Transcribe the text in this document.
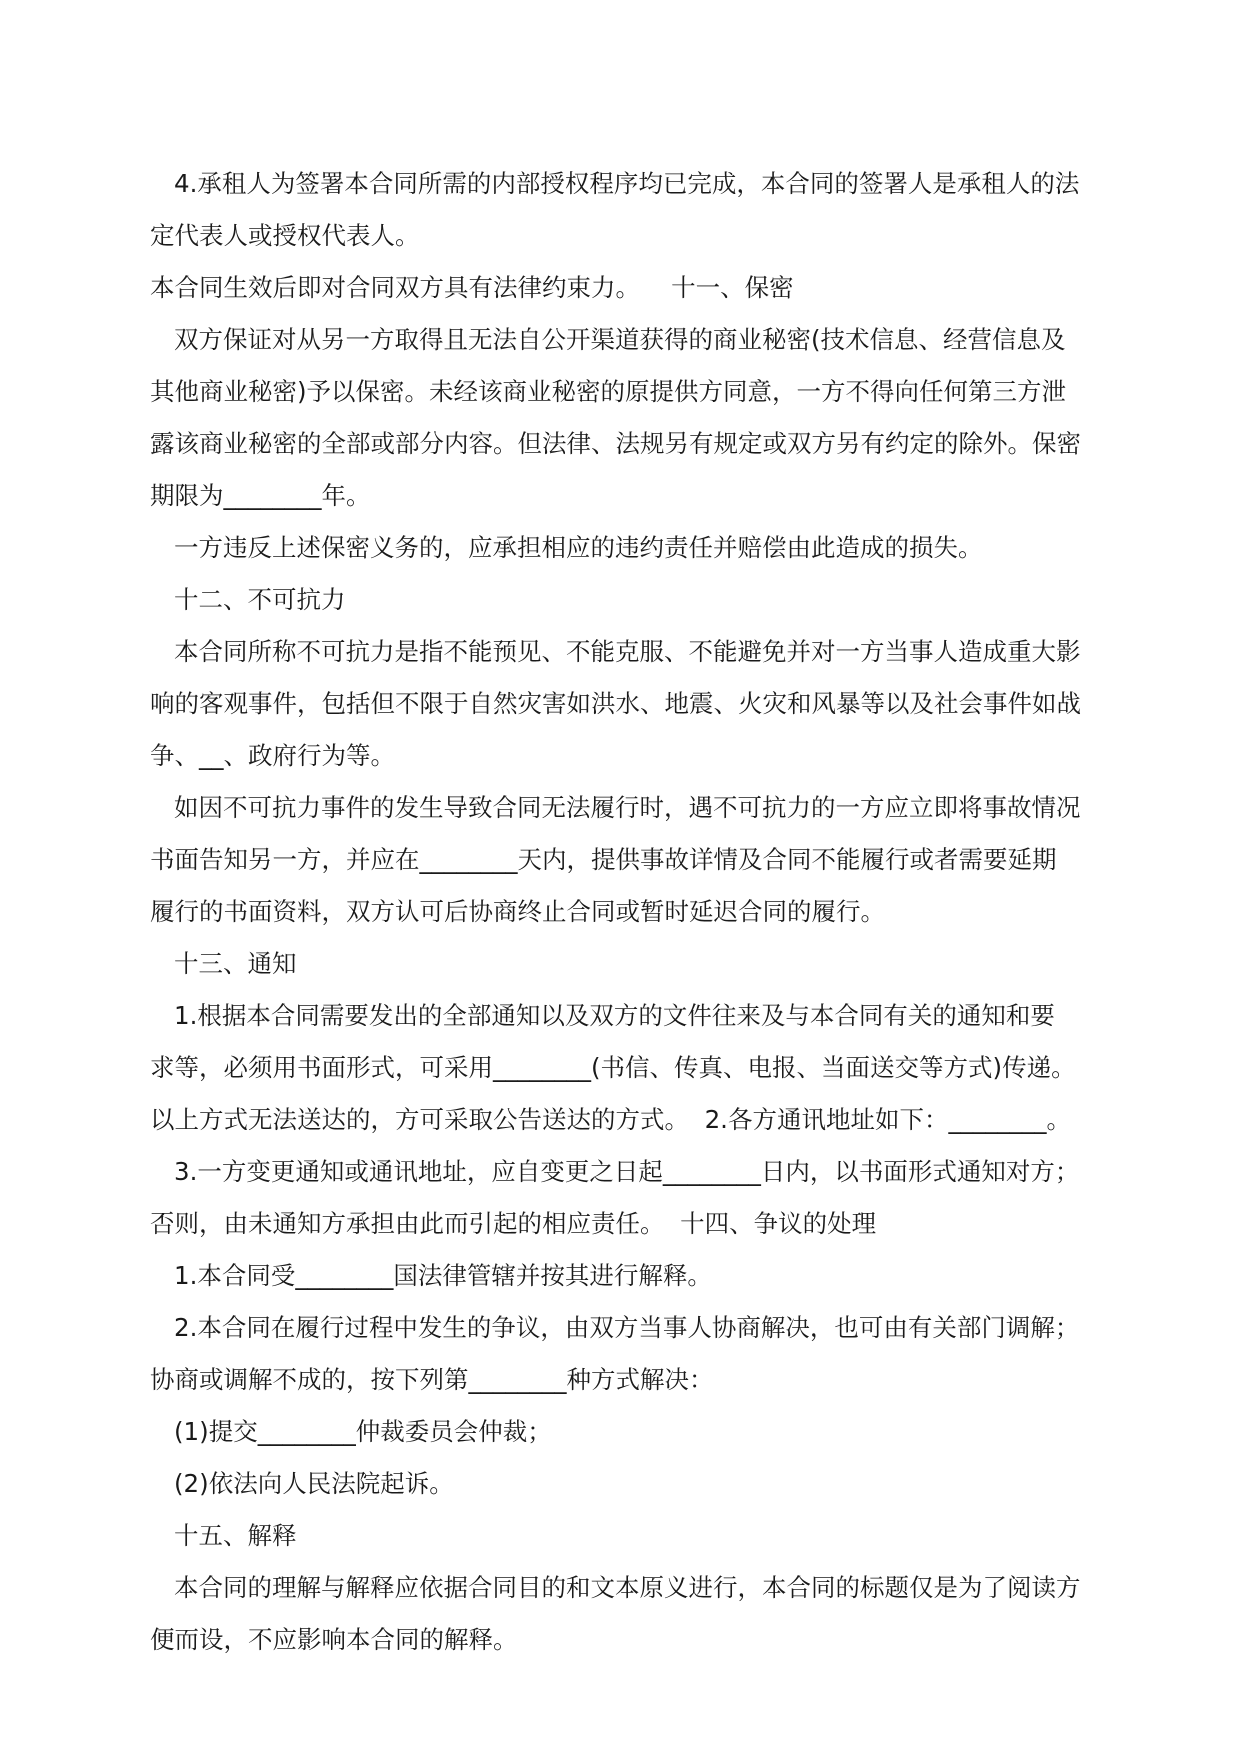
4.承租人为签署本合同所需的内部授权程序均已完成，本合同的签署人是承租人的法
定代表人或授权代表人。
本合同生效后即对合同双方具有法律约束力。    十一、保密
双方保证对从另一方取得且无法自公开渠道获得的商业秘密(技术信息、经营信息及
其他商业秘密)予以保密。未经该商业秘密的原提供方同意，一方不得向任何第三方泄
露该商业秘密的全部或部分内容。但法律、法规另有规定或双方另有约定的除外。保密
期限为________年。
一方违反上述保密义务的，应承担相应的违约责任并赔偿由此造成的损失。
十二、不可抗力
本合同所称不可抗力是指不能预见、不能克服、不能避免并对一方当事人造成重大影
响的客观事件，包括但不限于自然灾害如洪水、地震、火灾和风暴等以及社会事件如战
争、__、政府行为等。
如因不可抗力事件的发生导致合同无法履行时，遇不可抗力的一方应立即将事故情况
书面告知另一方，并应在________天内，提供事故详情及合同不能履行或者需要延期
履行的书面资料，双方认可后协商终止合同或暂时延迟合同的履行。
十三、通知
1.根据本合同需要发出的全部通知以及双方的文件往来及与本合同有关的通知和要
求等，必须用书面形式，可采用________(书信、传真、电报、当面送交等方式)传递。
以上方式无法送达的，方可采取公告送达的方式。  2.各方通讯地址如下：________。
3.一方变更通知或通讯地址，应自变更之日起________日内，以书面形式通知对方；
否则，由未通知方承担由此而引起的相应责任。  十四、争议的处理
1.本合同受________国法律管辖并按其进行解释。
2.本合同在履行过程中发生的争议，由双方当事人协商解决，也可由有关部门调解；
协商或调解不成的，按下列第________种方式解决：
(1)提交________仲裁委员会仲裁；
(2)依法向人民法院起诉。
十五、解释
本合同的理解与解释应依据合同目的和文本原义进行，本合同的标题仅是为了阅读方
便而设，不应影响本合同的解释。
